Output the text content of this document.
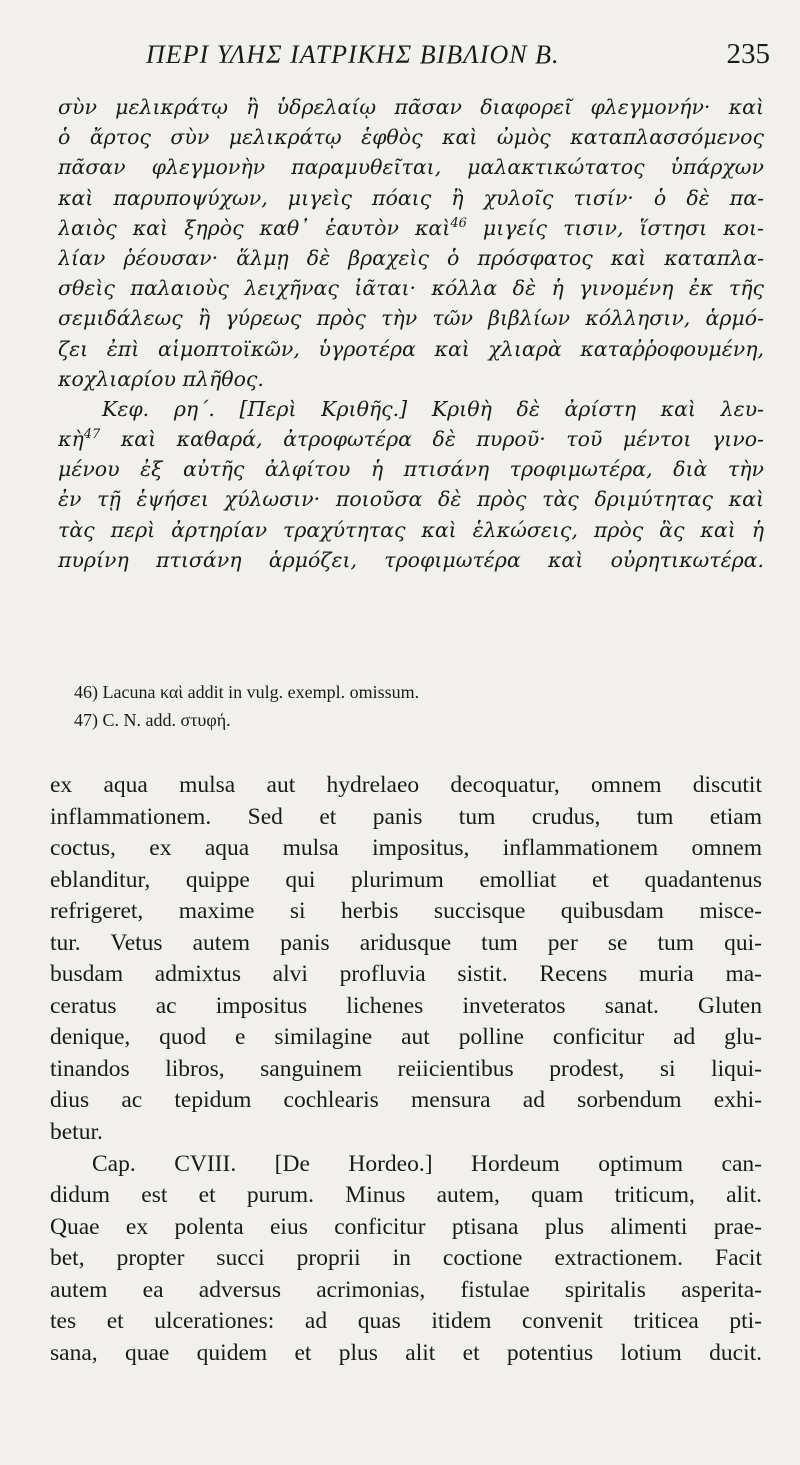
ΠΕΡΙ ΥΛΗΣ ΙΑΤΡΙΚΗΣ ΒΙΒΛΙΟΝ Β.	235
σὺν μελικράτῳ ἢ ὑδρελαίῳ πᾶσαν διαφορεῖ φλεγμονήν· καὶ
ὁ ἄρτος σὺν μελικράτῳ ἑφθὸς καὶ ὠμὸς καταπλασσόμενος
πᾶσαν φλεγμονὴν παραμυθεῖται, μαλακτικώτατος ὑπάρχων
καὶ παρυποψύχων, μιγεὶς πόαις ἢ χυλοῖς τισίν· ὁ δὲ πα-
λαιὸς καὶ ξηρὸς καθ᾽ ἑαυτὸν καὶ$^{46}$ μιγείς τισιν, ἵστησι κοι-
λίαν ῥέουσαν· ἅλμῃ δὲ βραχεὶς ὁ πρόσφατος καὶ καταπλα-
σθεὶς παλαιοὺς λειχῆνας ἰᾶται· κόλλα δὲ ἡ γινομένη ἐκ τῆς
σεμιδάλεως ἢ γύρεως πρὸς τὴν τῶν βιβλίων κόλλησιν, ἁρμό-
ζει ἐπὶ αἱμοπτοϊκῶν, ὑγροτέρα καὶ χλιαρὰ καταῤῥοφουμένη,
κοχλιαρίου πλῆθος.
Κεφ. ρη΄. [Περὶ Κριθῆς.] Κριθὴ δὲ ἀρίστη καὶ λευ-
κὴ$^{47}$ καὶ καθαρά, ἀτροφωτέρα δὲ πυροῦ· τοῦ μέντοι γινο-
μένου ἐξ αὐτῆς ἀλφίτου ἡ πτισάνη τροφιμωτέρα, διὰ τὴν
ἐν τῇ ἑψήσει χύλωσιν· ποιοῦσα δὲ πρὸς τὰς δριμύτητας καὶ
τὰς περὶ ἀρτηρίαν τραχύτητας καὶ ἑλκώσεις, πρὸς ἃς καὶ ἡ
πυρίνη πτισάνη ἁρμόζει, τροφιμωτέρα καὶ οὐρητικωτέρα.
46) Lacuna καὶ addit in vulg. exempl. omissum.
47) C. N. add. στυφή.
ex aqua mulsa aut hydrelaeo decoquatur, omnem discutit
inflammationem. Sed et panis tum crudus, tum etiam
coctus, ex aqua mulsa impositus, inflammationem omnem
eblanditur, quippe qui plurimum emolliat et quadantenus
refrigeret, maxime si herbis succisque quibusdam misce-
tur. Vetus autem panis aridusque tum per se tum qui-
busdam admixtus alvi profluvia sistit. Recens muria ma-
ceratus ac impositus lichenes inveteratos sanat. Gluten
denique, quod e similagine aut polline conficitur ad glu-
tinandos libros, sanguinem reiicientibus prodest, si liqui-
dius ac tepidum cochlearis mensura ad sorbendum exhi-
betur.
Cap. CVIII. [De Hordeo.] Hordeum optimum can-
didum est et purum. Minus autem, quam triticum, alit.
Quae ex polenta eius conficitur ptisana plus alimenti prae-
bet, propter succi proprii in coctione extractionem. Facit
autem ea adversus acrimonias, fistulae spiritalis asperita-
tes et ulcerationes: ad quas itidem convenit triticea pti-
sana, quae quidem et plus alit et potentius lotium ducit.
